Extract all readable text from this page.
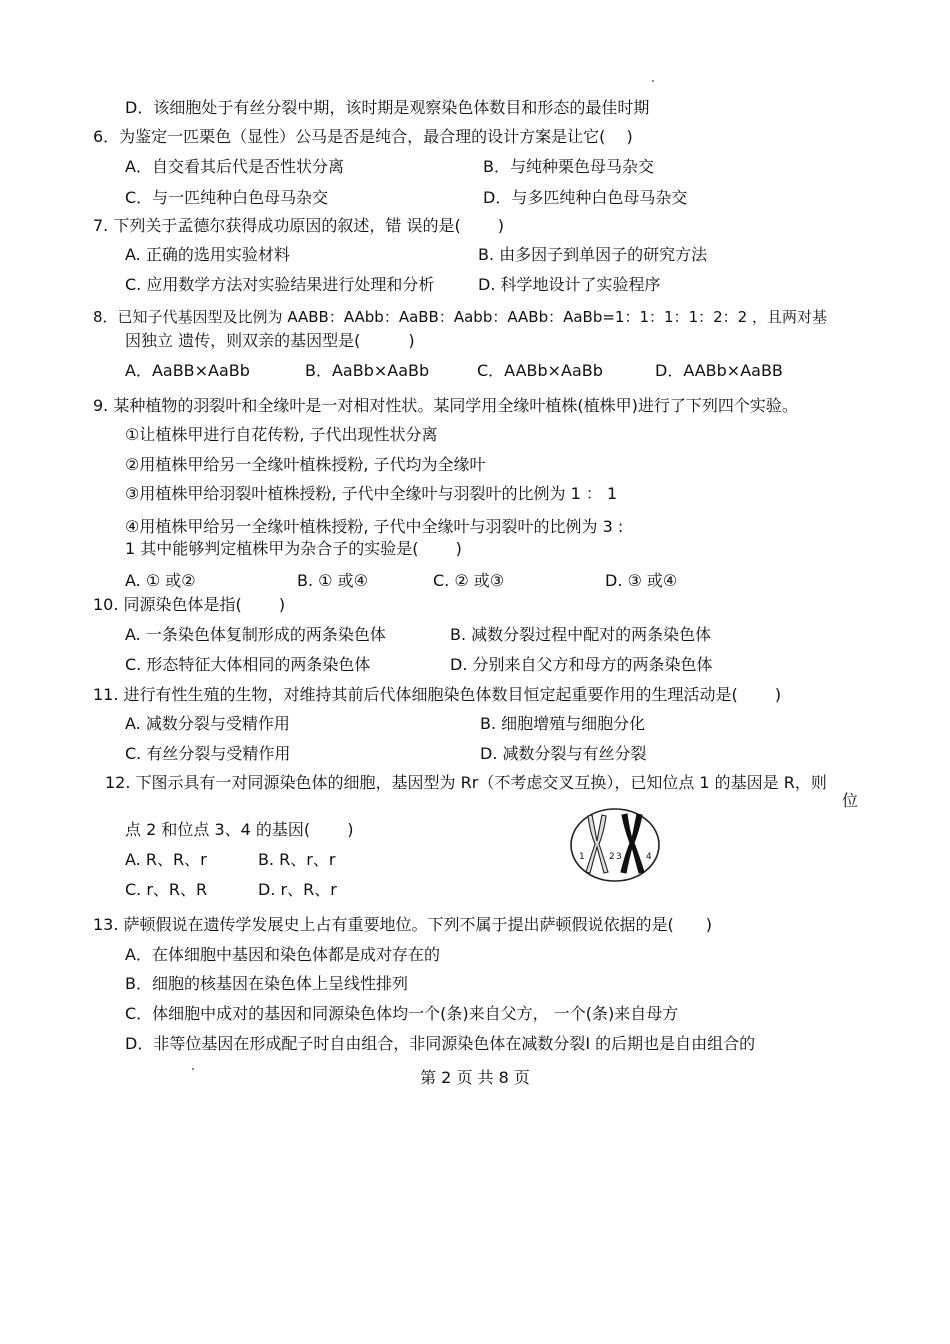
D．该细胞处于有丝分裂中期，该时期是观察染色体数目和形态的最佳时期
6．为鉴定一匹栗色（显性）公马是否是纯合，最合理的设计方案是让它(　 )
A．自交看其后代是否性状分离	B．与纯种栗色母马杂交
C．与一匹纯种白色母马杂交	D．与多匹纯种白色母马杂交
7. 下列关于孟德尔获得成功原因的叙述，错 误的是(　　 )
A. 正确的选用实验材料	B. 由多因子到单因子的研究方法
C. 应用数学方法对实验结果进行处理和分析	D. 科学地设计了实验程序
8．已知子代基因型及比例为 AABB：AAbb：AaBB：Aabb：AABb：AaBb=1：1：1：1：2：2 ，且两对基
因独立 遗传，则双亲的基因型是(　　　)
A．AaBB×AaBb	B．AaBb×AaBb	C．AABb×AaBb	D．AABb×AaBB
9. 某种植物的羽裂叶和全缘叶是一对相对性状。某同学用全缘叶植株(植株甲)进行了下列四个实验。
①让植株甲进行自花传粉, 子代出现性状分离
②用植株甲给另一全缘叶植株授粉, 子代均为全缘叶
③用植株甲给羽裂叶植株授粉, 子代中全缘叶与羽裂叶的比例为 1 ： 1
④用植株甲给另一全缘叶植株授粉, 子代中全缘叶与羽裂叶的比例为 3 :
1 其中能够判定植株甲为杂合子的实验是(　　 )
A. ① 或②	B. ① 或④	C. ② 或③	D. ③ 或④
10. 同源染色体是指(　　 )
A. 一条染色体复制形成的两条染色体	B. 减数分裂过程中配对的两条染色体
C. 形态特征大体相同的两条染色体	D. 分别来自父方和母方的两条染色体
11. 进行有性生殖的生物，对维持其前后代体细胞染色体数目恒定起重要作用的生理活动是(　　 )
A. 减数分裂与受精作用	B. 细胞增殖与细胞分化
C. 有丝分裂与受精作用	D. 减数分裂与有丝分裂
12. 下图示具有一对同源染色体的细胞，基因型为 Rr（不考虑交叉互换），已知位点 1 的基因是 R，则
位
点 2 和位点 3、4 的基因(　　 )
A. R、R、r	B. R、r、r
C. r、R、R	D. r、R、r
1	2 3	4
13. 萨顿假说在遗传学发展史上占有重要地位。下列不属于提出萨顿假说依据的是(　　)
A．在体细胞中基因和染色体都是成对存在的
B．细胞的核基因在染色体上呈线性排列
C．体细胞中成对的基因和同源染色体均一个(条)来自父方， 一个(条)来自母方
D．非等位基因在形成配子时自由组合，非同源染色体在减数分裂Ⅰ 的后期也是自由组合的
第 2 页 共 8 页
